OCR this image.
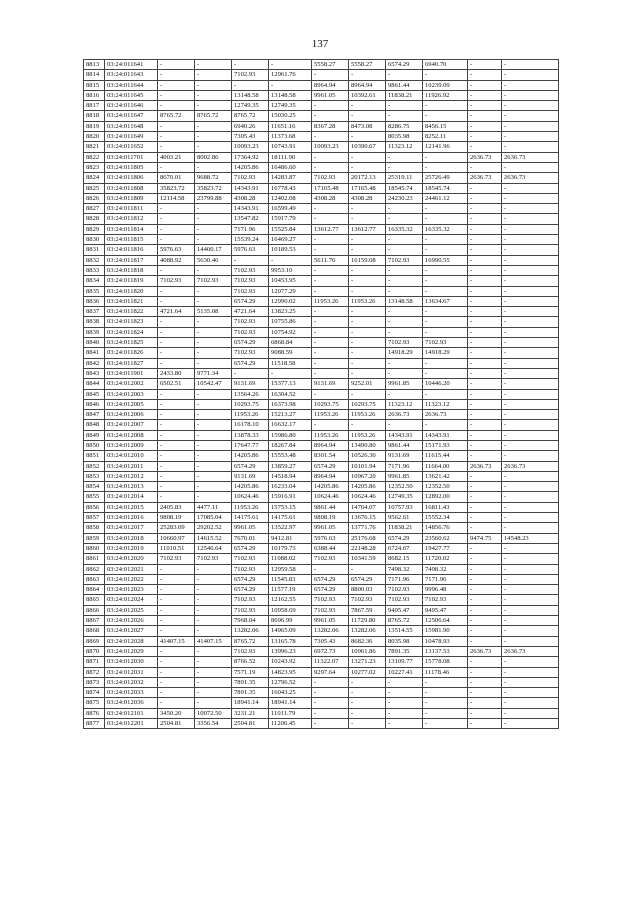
137
8813	03:24:011641	-	-	-	-	5558.27	5558.27	6574.29	6940.70	-	-
8814	03:24:011643	-	-	7102.93	12961.76	-	-	-	-	-	-
8815	03:24:011644	-	-	-	-	8964.94	8964.94	9861.44	10239.09	-	-
8816	03:24:011645	-	-	13148.58	13148.58	9961.05	10392.61	11838.21	11926.92	-	-
8817	03:24:011646	-	-	12749.35	12749.35	-	-	-	-	-	-
8818	03:24:011647	8765.72	8765.72	8765.72	15030.25	-	-	-	-	-	-
8819	03:24:011648	-	-	6940.26	11651.16	8367.28	8473.08	8286.75	8456.15	-	-
8820	03:24:011649	-	-	7305.43	11373.68	-	-	8035.98	8252.11	-	-
8821	03:24:011652	-	-	10093.23	10743.91	10093.23	10390.67	11323.12	12141.96	-	-
8822	03:24:011701	4003.21	8002.86	17364.92	18111.90	-	-	-	-	2636.73	2636.73
8823	03:24:011805	-	-	14205.86	16486.60	-	-	-	-	-	-
8824	03:24:011806	8670.01	9688.72	7102.93	14283.87	7102.93	20172.13	25319.11	25726.49	2636.73	2636.73
8825	03:24:011808	35823.72	35823.72	14343.91	16778.43	17165.48	17165.48	18545.74	18545.74	-	-
8826	03:24:011809	12114.58	23799.88	4308.28	12402.08	4308.28	4308.28	24230.23	24461.12	-	-
8827	03:24:011811	-	-	14343.91	16599.49	-	-	-	-	-	-
8828	03:24:011812	-	-	13547.82	15917.79	-	-	-	-	-	-
8829	03:24:011814	-	-	7171.96	15525.84	13612.77	13612.77	16335.32	16335.32	-	-
8830	03:24:011815	-	-	15539.24	16469.27	-	-	-	-	-	-
8831	03:24:011816	5976.63	14400.17	5976.63	10189.53	-	-	-	-	-	-
8832	03:24:011817	4088.92	5630.46	-	-	5611.76	16159.08	7102.93	16990.55	-	-
8833	03:24:011818	-	-	7102.93	9953.10	-	-	-	-	-	-
8834	03:24:011819	7102.93	7102.93	7102.93	10453.95	-	-	-	-	-	-
8835	03:24:011820	-	-	7102.93	12077.29	-	-	-	-	-	-
8836	03:24:011821	-	-	6574.29	12990.02	11953.26	11953.26	13148.58	13634.67	-	-
8837	03:24:011822	4721.64	5135.08	4721.64	13823.25	-	-	-	-	-	-
8838	03:24:011823	-	-	7102.93	10755.86	-	-	-	-	-	-
8839	03:24:011824	-	-	7102.93	10754.92	-	-	-	-	-	-
8840	03:24:011825	-	-	6574.29	6868.84	-	-	7102.93	7102.93	-	-
8841	03:24:011826	-	-	7102.93	9088.59	-	-	14918.29	14918.29	-	-
8842	03:24:011827	-	-	6574.29	11518.58	-	-	-	-	-	-
8843	03:24:011901	2433.80	9771.34	-	-	-	-	-	-	-	-
8844	03:24:012002	6502.51	10542.47	9131.69	15377.13	9131.69	9252.01	9961.85	10446.20	-	-
8845	03:24:012003	-	-	13564.26	16304.52	-	-	-	-	-	-
8846	03:24:012005	-	-	10293.75	16373.98	10293.75	10293.75	11323.12	11323.12	-	-
8847	03:24:012006	-	-	11953.26	15213.27	11953.26	11953.26	2636.73	2636.73	-	-
8848	03:24:012007	-	-	16178.10	16632.17	-	-	-	-	-	-
8849	03:24:012008	-	-	13878.33	15986.80	11953.26	11953.26	14343.91	14343.91	-	-
8850	03:24:012009	-	-	17647.77	18267.84	8964.94	13490.80	9861.44	15171.93	-	-
8851	03:24:012010	-	-	14205.86	15553.48	8301.54	10526.30	9131.69	11615.44	-	-
8852	03:24:012011	-	-	6574.29	13859.27	6574.29	10101.94	7171.96	11664.00	2636.73	2636.73
8853	03:24:012012	-	-	9131.69	14518.94	8964.94	10967.20	9961.85	13621.42	-	-
8854	03:24:012013	-	-	14205.86	16233.04	14205.86	14205.86	12352.50	12352.50	-	-
8855	03:24:012014	-	-	10624.46	15916.91	10624.46	10624.46	12749.35	12892.00	-	-
8856	03:24:012015	2405.83	4477.11	11953.26	15753.15	9861.44	14764.07	10757.93	16811.43	-	-
8857	03:24:012016	9808.19	17085.04	14175.61	14175.61	9808.19	13676.15	9562.61	15552.34	-	-
8858	03:24:012017	25283.09	29202.52	9961.05	13522.97	9961.05	13771.76	11838.21	14856.76	-	-
8859	03:24:012018	10660.97	14615.52	7670.01	9412.81	5976.63	25176.68	6574.29	23560.62	9474.75	14548.23
8860	03:24:012019	11010.51	12546.64	6574.29	10179.73	6388.44	22148.28	6724.67	19427.77	-	-
8861	03:24:012020	7102.93	7102.93	7102.93	11088.02	7102.93	10341.59	8682.15	11720.02	-	-
8862	03:24:012021	-	-	7102.93	12959.58	-	-	7498.32	7498.32	-	-
8863	03:24:012022	-	-	6574.29	11545.83	6574.29	6574.29	7171.96	7171.96	-	-
8864	03:24:012023	-	-	6574.29	11577.19	6574.29	8800.03	7102.93	9996.48	-	-
8865	03:24:012024	-	-	7102.93	12162.55	7102.93	7102.93	7102.93	7102.93	-	-
8866	03:24:012025	-	-	7102.93	10958.69	7102.93	7867.59	9495.47	9495.47	-	-
8867	03:24:012026	-	-	7968.04	8696.99	9961.05	11729.80	8765.72	12506.64	-	-
8868	03:24:012027	-	-	13282.06	14965.09	13282.06	13282.06	13514.55	15981.90	-	-
8869	03:24:012028	41407.15	41407.15	8765.72	13165.78	7305.43	8682.36	8035.98	10478.93	-	-
8870	03:24:012029	-	-	7102.93	13996.23	6972.73	10961.86	7891.35	13137.53	2636.73	2636.73
8871	03:24:012030	-	-	8766.52	10243.92	11322.07	13271.23	13109.77	15778.08	-	-
8872	03:24:012031	-	-	7571.19	14823.95	9297.64	10277.02	10227.41	11178.46	-	-
8873	03:24:012032	-	-	7891.35	12796.52	-	-	-	-	-	-
8874	03:24:012033	-	-	7891.35	16043.25	-	-	-	-	-	-
8875	03:24:012036	-	-	18941.14	18941.14	-	-	-	-	-	-
8876	03:24:012101	3450.20	10072.50	3231.21	11011.79	-	-	-	-	-	-
8877	03:24:012201	2504.81	3356.54	2504.81	11206.45	-	-	-	-	-	-
